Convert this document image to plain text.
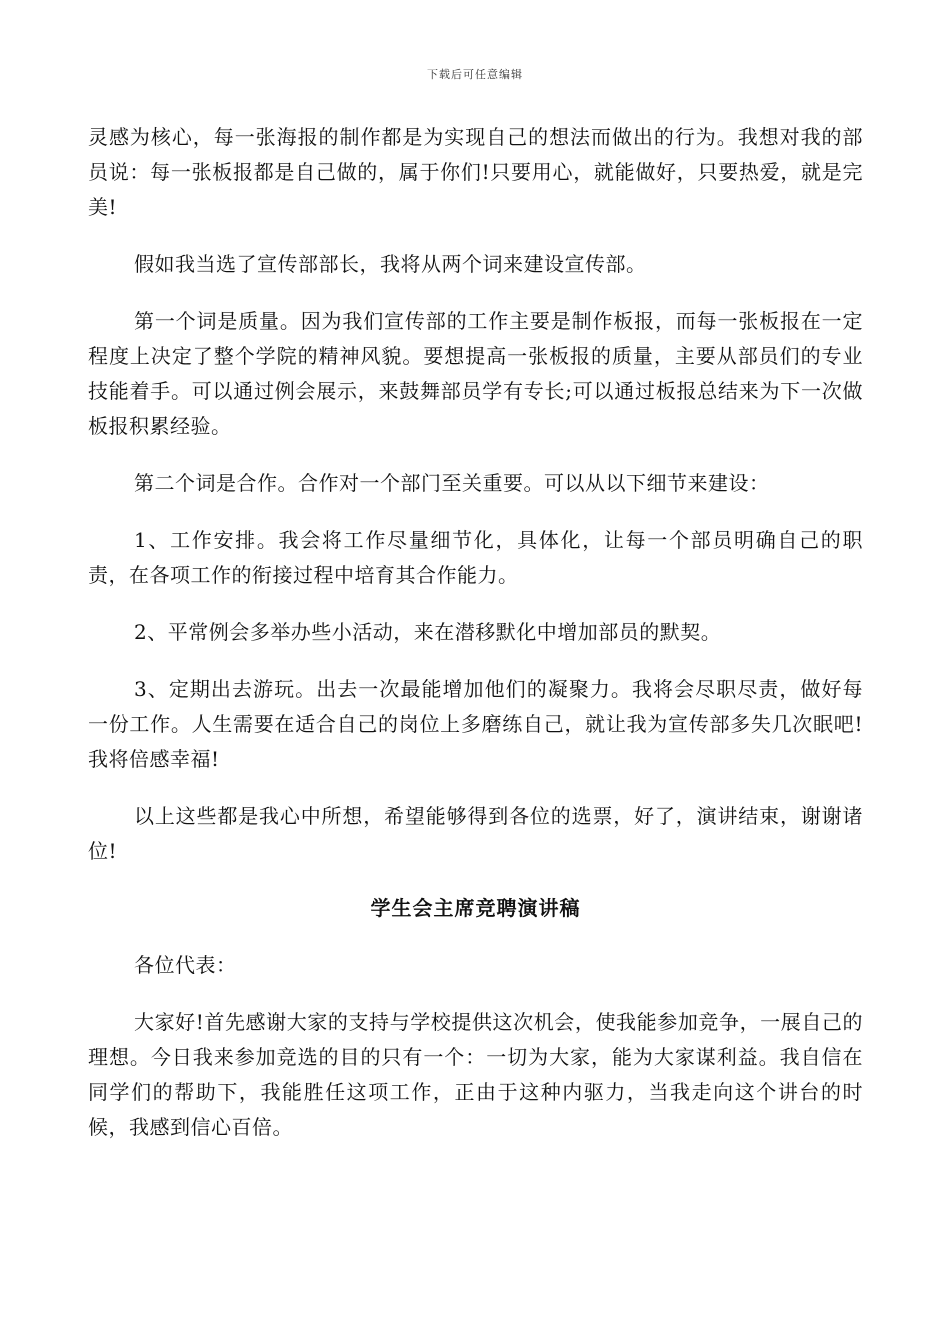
下载后可任意编辑

灵感为核心，每一张海报的制作都是为实现自己的想法而做出的行为。我想对我的部员说：每一张板报都是自己做的，属于你们!只要用心，就能做好，只要热爱，就是完美!

假如我当选了宣传部部长，我将从两个词来建设宣传部。

第一个词是质量。因为我们宣传部的工作主要是制作板报，而每一张板报在一定程度上决定了整个学院的精神风貌。要想提高一张板报的质量，主要从部员们的专业技能着手。可以通过例会展示，来鼓舞部员学有专长;可以通过板报总结来为下一次做板报积累经验。

第二个词是合作。合作对一个部门至关重要。可以从以下细节来建设：

1、工作安排。我会将工作尽量细节化，具体化，让每一个部员明确自己的职责，在各项工作的衔接过程中培育其合作能力。

2、平常例会多举办些小活动，来在潜移默化中增加部员的默契。

3、定期出去游玩。出去一次最能增加他们的凝聚力。我将会尽职尽责，做好每一份工作。人生需要在适合自己的岗位上多磨练自己，就让我为宣传部多失几次眠吧!我将倍感幸福!

以上这些都是我心中所想，希望能够得到各位的选票，好了，演讲结束，谢谢诸位!

学生会主席竞聘演讲稿

各位代表：

大家好!首先感谢大家的支持与学校提供这次机会，使我能参加竞争，一展自己的理想。今日我来参加竞选的目的只有一个：一切为大家，能为大家谋利益。我自信在同学们的帮助下，我能胜任这项工作，正由于这种内驱力，当我走向这个讲台的时候，我感到信心百倍。
